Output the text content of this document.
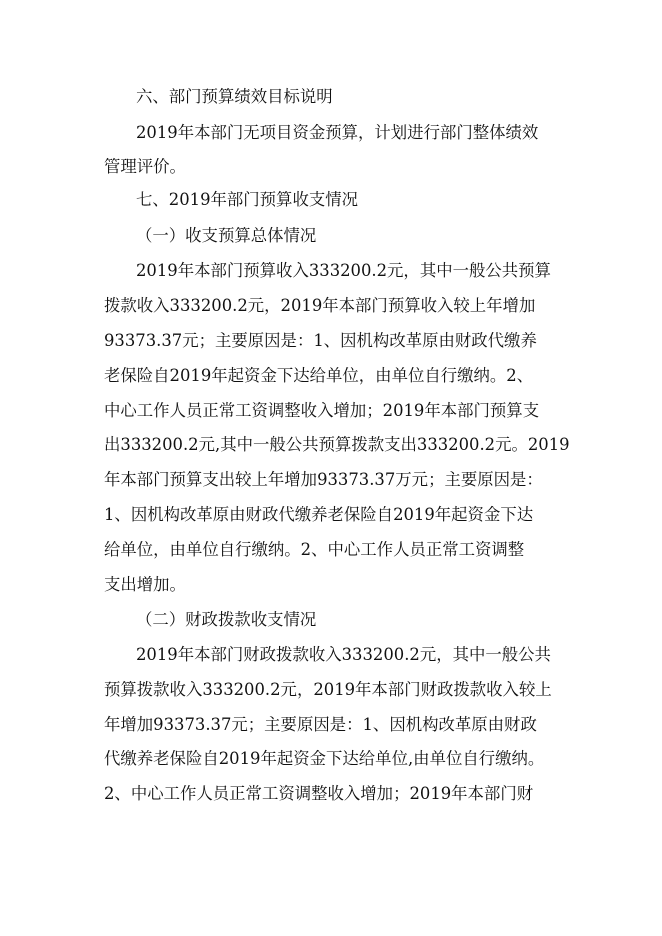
六、部门预算绩效目标说明
2019年本部门无项目资金预算，计划进行部门整体绩效
管理评价。
七、2019年部门预算收支情况
（一）收支预算总体情况
2019年本部门预算收入333200.2元，其中一般公共预算
拨款收入333200.2元，2019年本部门预算收入较上年增加
93373.37元；主要原因是：1、因机构改革原由财政代缴养
老保险自2019年起资金下达给单位，由单位自行缴纳。2、
中心工作人员正常工资调整收入增加；2019年本部门预算支
出333200.2元,其中一般公共预算拨款支出333200.2元。2019
年本部门预算支出较上年增加93373.37万元；主要原因是：
1、因机构改革原由财政代缴养老保险自2019年起资金下达
给单位，由单位自行缴纳。2、中心工作人员正常工资调整
支出增加。
（二）财政拨款收支情况
2019年本部门财政拨款收入333200.2元，其中一般公共
预算拨款收入333200.2元，2019年本部门财政拨款收入较上
年增加93373.37元；主要原因是：1、因机构改革原由财政
代缴养老保险自2019年起资金下达给单位,由单位自行缴纳。
2、中心工作人员正常工资调整收入增加；2019年本部门财
